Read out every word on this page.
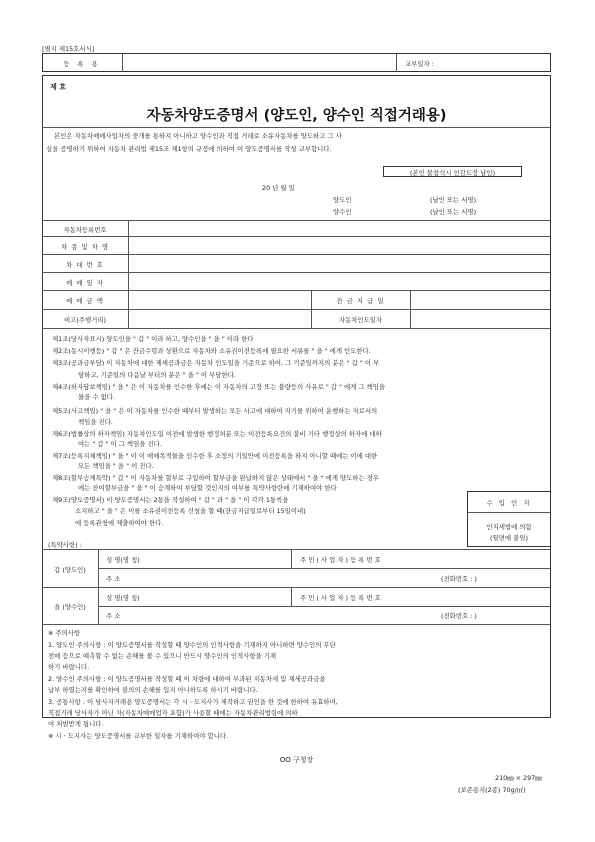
[별지 제15호서식]
등 록 용	교부일자 :
제 호
자동차양도증명서 (양도인, 양수인 직접거래용)
본인은 자동차매매사업자의 중개를 통하지 아니하고 양수인과 직접 거래로 소유자동차를 양도하고 그 사
실을 증명하기 위하여 자동차 관리법 제15조 제1항의 규정에 의하여 이 양도증명서를 작성 교부합니다.
(본인 불참석시 인감도장 날인)
20 년 월 일
양도인	(날인 또는 서명)
양수인	(날인 또는 서명)
자동차등록번호
차 종 및 차 명
차 대 번 호
매 매 일 자
매 매 금 액	잔 금 지 급 일
비고(주행거리)	자동차인도일자
제1조(당사자표시) 양도인을 " 갑 " 이라 하고, 양수인을 " 을 " 이라 한다
제2조(동시이행등) " 갑 " 은 잔금수령과 상환으로 자동차와 소유권이전등록에 필요한 서류를 " 을 " 에게 인도한다.
제3조(공과금부담) 이 자동차에 대한 제세공과금은 자동차 인도일을 기준으로 하여, 그 기준일까지의 분은 " 갑 " 이 부
담하고, 기준일의 다음날 부터의 분은 " 을 " 이 부담한다.
제4조(하자담보책임) " 을 " 은 이 자동차를 인수한 후에는 이 자동차의 고장 또는 불량등의 사유로 " 갑 " 에게 그 책임을
물을 수 없다.
제5조(사고책임) " 을 " 은 이 자동차를 인수한 때부터 발생하는 모든 사고에 대하여 자기를 위하여 운행하는 자로서의
책임을 진다.
제6조(법률상의 하자책임) 자동차인도일 이전에 발생한 행정처분 또는 이전등록요건의 불비 기타 행정상의 하자에 대하
여는 " 갑 " 이 그 책임을 진다.
제7조(등록지체책임) " 을 " 이 이 매매목적물을 인수한 후 소정의 기일안에 이전등록을 하지 아니할 때에는 이에 대한
모든 책임을 " 을 " 이 진다.
제8조(할부승계특약) " 갑 " 이 자동차를 할부로 구입하여 할부금을 완납하지 않은 상태에서 " 을 " 에게 양도하는 경우
에는 잔여할부금을 " 을 " 이 승계하여 부담할 것인지의 여부를 특약사항란에 기재하여야 한다
제9조(양도증명서) 이 양도증명서는 2통을 작성하여 " 갑 " 과 " 을 " 이 각각 1통씩을
소지하고 " 을 " 은 이를 소유권이전등록 신청을 할 때(잔금지급일로부터 15일이내)
에 등록관청에 제출하여야 한다.
수 입 인 지
인지세법에 의함
(뒷면에 붙임)
(특약사항) :
갑 (양도인)
성 명(명 칭)	주 민 ( 사 업 자 ) 등 록 번 호
주 소	(전화번호 : )
을 (양수인)
성 명(명 칭)	주 민 ( 사 업 자 ) 등 록 번 호
주 소	(전화번호 : )
※ 주의사항
1. 양도인 주의사항 : 이 양도증명서를 작성할 때 양수인의 인적사항을 기재하지 아니하면 양수인의 무단
전매 등으로 예측할 수 없는 손해를 볼 수 있으니 반드시 양수인의 인적사항을 기재
하기 바랍니다.
2. 양수인 주의사항 : 이 양도증명서를 작성할 때 이 차량에 대하여 부과된 자동차세 및 제세공과금을
납부 하였는지를 확인하여 불의의 손해를 입지 아니하도록 하시기 바랍니다.
3. 공통사항 : 이 당사자거래용 양도증명서는 각 시ㆍ도지사가 제작하고 권인을 한 것에 한하여 유효하며,
직접거래 당사자가 아닌 자(자동차매매업자 포함)가 사용할 때에는 자동차관리법령에 의하
여 처벌받게 됩니다.
※ 시ㆍ도지사는 양도증명서를 교부한 일자를 기재하여야 합니다.
OO 구청장
210㎜ × 297㎜
(보존용지(2종) 70g/㎡)
